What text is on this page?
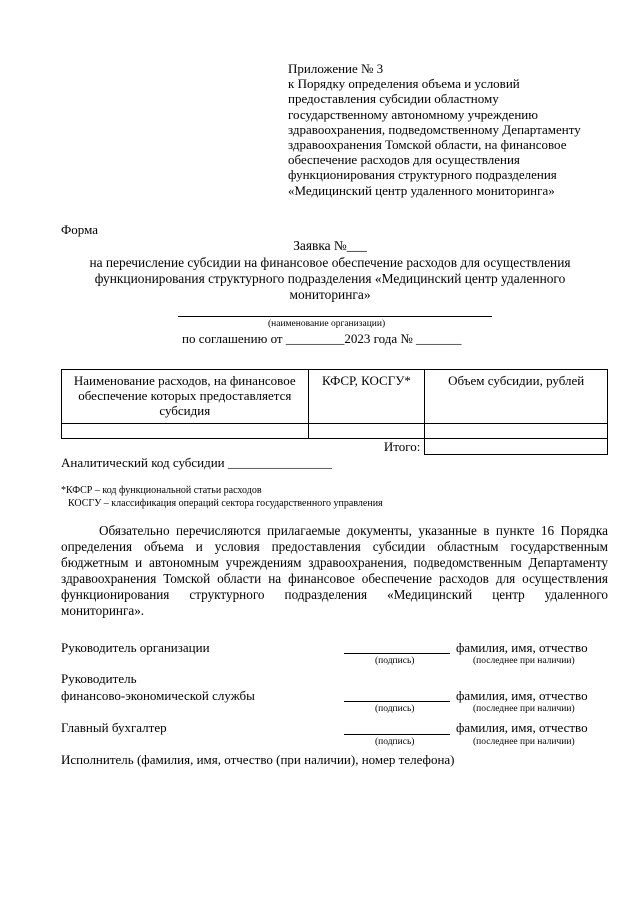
Приложение № 3
к Порядку определения объема и условий
предоставления субсидии областному
государственному автономному учреждению
здравоохранения, подведомственному Департаменту
здравоохранения Томской области, на финансовое
обеспечение расходов для осуществления
функционирования структурного подразделения
«Медицинский центр удаленного мониторинга»
Форма
Заявка №___
на перечисление субсидии на финансовое обеспечение расходов для осуществления
функционирования структурного подразделения «Медицинский центр удаленного
мониторинга»
(наименование организации)
по соглашению от _________2023 года № _______
Наименование расходов, на финансовое обеспечение которых предоставляется субсидия	КФСР, КОСГУ*	Объем субсидии, рублей

Итого:		
Аналитический код субсидии ________________
*КФСР – код функциональной статьи расходов
КОСГУ – классификация операций сектора государственного управления
Обязательно перечисляются прилагаемые документы, указанные в пункте 16 Порядка определения объема и условия предоставления субсидии областным государственным бюджетным и автономным учреждениям здравоохранения, подведомственным Департаменту здравоохранения Томской области на финансовое обеспечение расходов для осуществления функционирования структурного подразделения «Медицинский центр удаленного мониторинга».
Руководитель организации	фамилия, имя, отчество
(подпись)	(последнее при наличии)
Руководитель
финансово-экономической службы	фамилия, имя, отчество
(подпись)	(последнее при наличии)
Главный бухгалтер	фамилия, имя, отчество
(подпись)	(последнее при наличии)
Исполнитель (фамилия, имя, отчество (при наличии), номер телефона)
